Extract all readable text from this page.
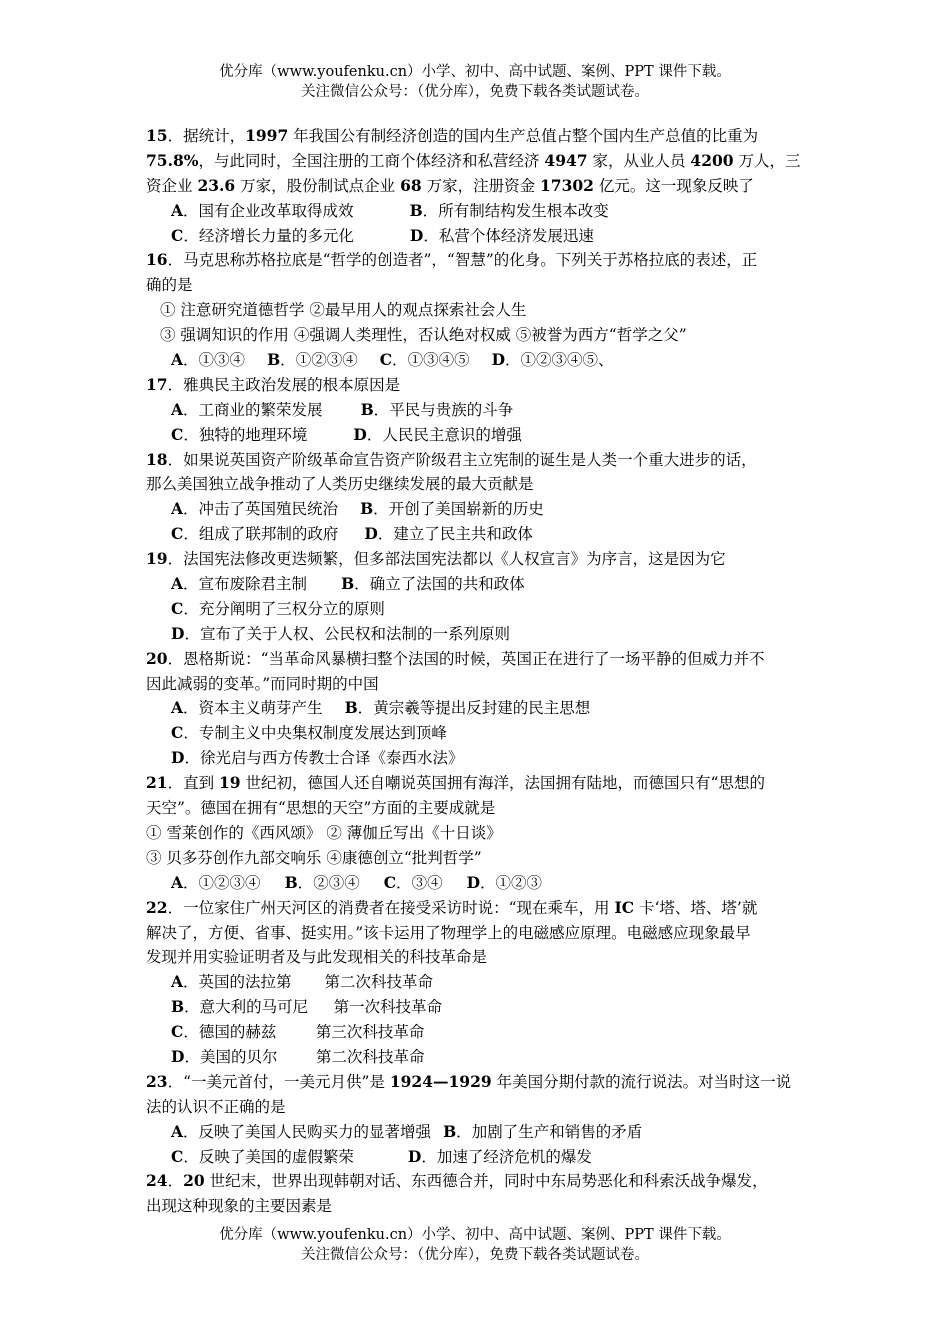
优分库（www.youfenku.cn）小学、初中、高中试题、案例、PPT 课件下载。
关注微信公众号：（优分库），免费下载各类试题试卷。
15．据统计，1997 年我国公有制经济创造的国内生产总值占整个国内生产总值的比重为
75.8%，与此同时，全国注册的工商个体经济和私营经济 4947 家，从业人员 4200 万人，三
资企业 23.6 万家，股份制试点企业 68 万家，注册资金 17302 亿元。这一现象反映了
A．国有企业改革取得成效	B．所有制结构发生根本改变
C．经济增长力量的多元化	D．私营个体经济发展迅速
16．马克思称苏格拉底是“哲学的创造者”，“智慧”的化身。下列关于苏格拉底的表述，正
确的是
① 注意研究道德哲学 ②最早用人的观点探索社会人生
③ 强调知识的作用 ④强调人类理性，否认绝对权威 ⑤被誉为西方“哲学之父”
A．①③④ B．①②③④ C．①③④⑤ D．①②③④⑤、
17．雅典民主政治发展的根本原因是
A．工商业的繁荣发展 B．平民与贵族的斗争
C．独特的地理环境	D．人民民主意识的增强
18．如果说英国资产阶级革命宣告资产阶级君主立宪制的诞生是人类一个重大进步的话，
那么美国独立战争推动了人类历史继续发展的最大贡献是
A．冲击了英国殖民统治 B．开创了美国崭新的历史
C．组成了联邦制的政府 D．建立了民主共和政体
19．法国宪法修改更迭频繁，但多部法国宪法都以《人权宣言》为序言，这是因为它
A．宣布废除君主制 B．确立了法国的共和政体
C．充分阐明了三权分立的原则
D．宣布了关于人权、公民权和法制的一系列原则
20．恩格斯说：“当革命风暴横扫整个法国的时候，英国正在进行了一场平静的但威力并不
因此减弱的变革。”而同时期的中国
A．资本主义萌芽产生 B．黄宗羲等提出反封建的民主思想
C．专制主义中央集权制度发展达到顶峰
D．徐光启与西方传教士合译《泰西水法》
21．直到 19 世纪初，德国人还自嘲说英国拥有海洋，法国拥有陆地，而德国只有“思想的
天空”。德国在拥有“思想的天空”方面的主要成就是
① 雪莱创作的《西风颂》 ② 薄伽丘写出《十日谈》
③ 贝多芬创作九部交响乐 ④康德创立“批判哲学”
A．①②③④ B．②③④ C．③④ D．①②③
22．一位家住广州天河区的消费者在接受采访时说：“现在乘车，用 IC 卡‘塔、塔、塔’就
解决了，方便、省事、挺实用。”该卡运用了物理学上的电磁感应原理。电磁感应现象最早
发现并用实验证明者及与此发现相关的科技革命是
A．英国的法拉第 第二次科技革命
B．意大利的马可尼 第一次科技革命
C．德国的赫兹	第三次科技革命
D．美国的贝尔 第二次科技革命
23．“一美元首付，一美元月供”是 1924—1929 年美国分期付款的流行说法。对当时这一说
法的认识不正确的是
A．反映了美国人民购买力的显著增强 B．加剧了生产和销售的矛盾
C．反映了美国的虚假繁荣	D．加速了经济危机的爆发
24．20 世纪末，世界出现韩朝对话、东西德合并，同时中东局势恶化和科索沃战争爆发，
出现这种现象的主要因素是
优分库（www.youfenku.cn）小学、初中、高中试题、案例、PPT 课件下载。
关注微信公众号：（优分库），免费下载各类试题试卷。
